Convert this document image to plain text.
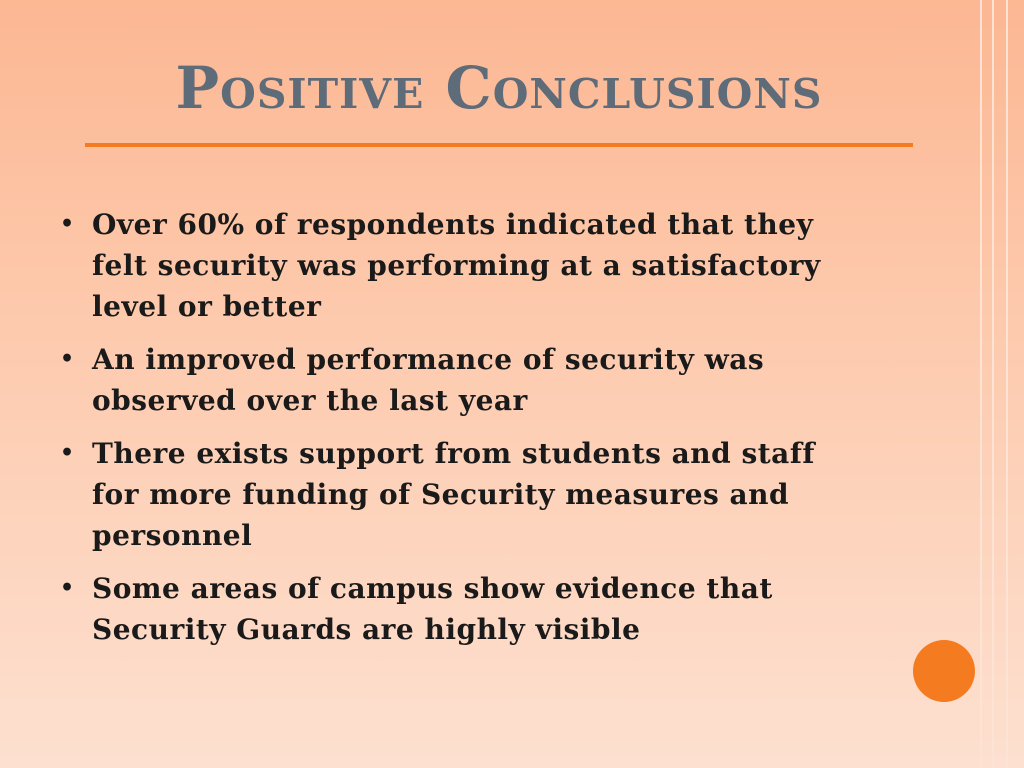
Positive Conclusions
• Over 60% of respondents indicated that they
felt security was performing at a satisfactory
level or better
• An improved performance of security was
observed over the last year
• There exists support from students and staff
for more funding of Security measures and
personnel
• Some areas of campus show evidence that
Security Guards are highly visible
